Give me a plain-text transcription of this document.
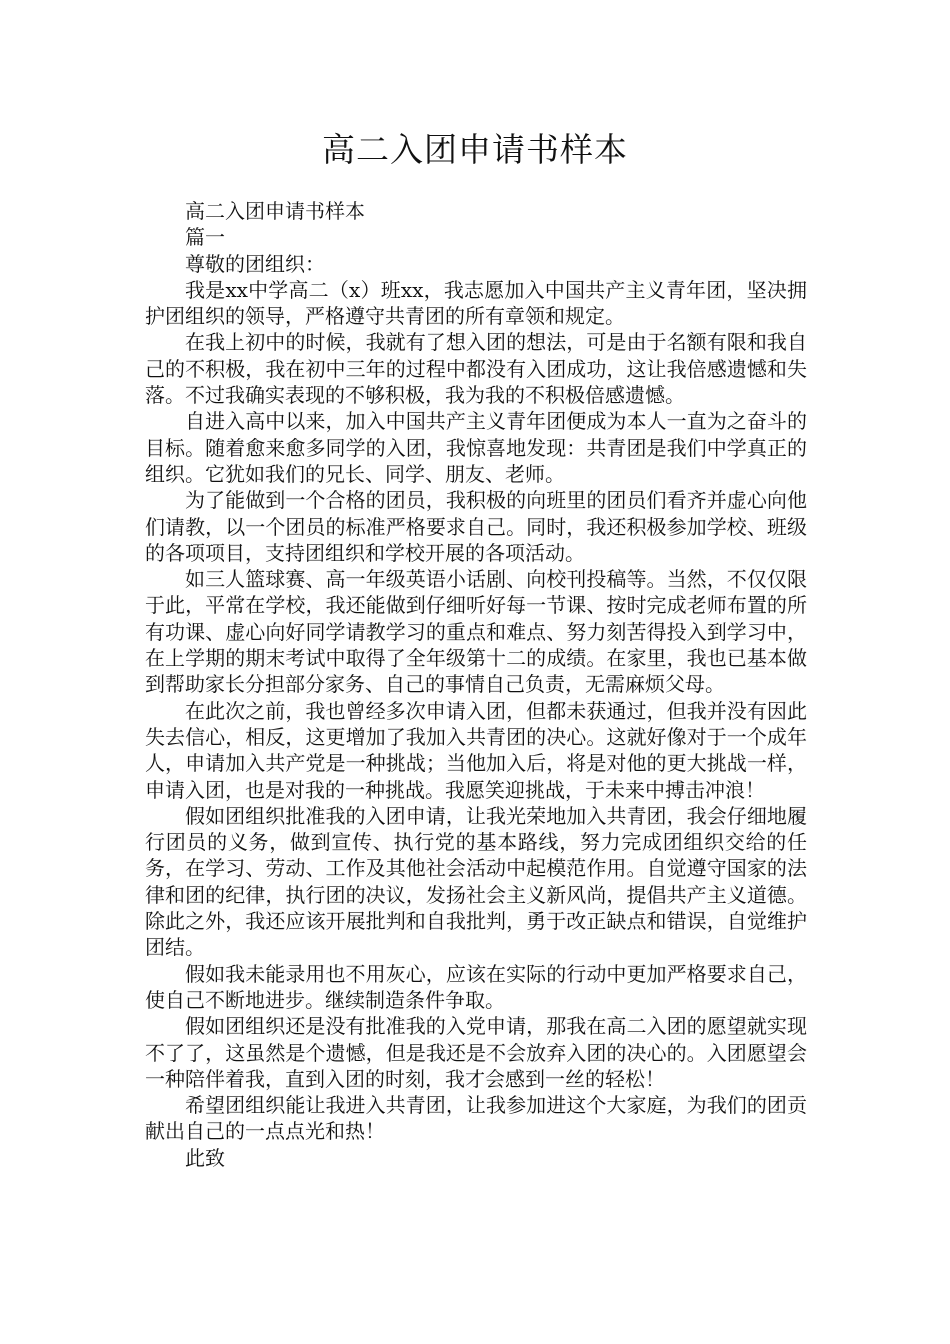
高二入团申请书样本

高二入团申请书样本

篇一

尊敬的团组织：

我是xx中学高二（x）班xx，我志愿加入中国共产主义青年团，坚决拥护团组织的领导，严格遵守共青团的所有章领和规定。

在我上初中的时候，我就有了想入团的想法，可是由于名额有限和我自己的不积极，我在初中三年的过程中都没有入团成功，这让我倍感遗憾和失落。不过我确实表现的不够积极，我为我的不积极倍感遗憾。

自进入高中以来，加入中国共产主义青年团便成为本人一直为之奋斗的目标。随着愈来愈多同学的入团，我惊喜地发现：共青团是我们中学真正的组织。它犹如我们的兄长、同学、朋友、老师。

为了能做到一个合格的团员，我积极的向班里的团员们看齐并虚心向他们请教，以一个团员的标准严格要求自己。同时，我还积极参加学校、班级的各项项目，支持团组织和学校开展的各项活动。

如三人篮球赛、高一年级英语小话剧、向校刊投稿等。当然，不仅仅限于此，平常在学校，我还能做到仔细听好每一节课、按时完成老师布置的所有功课、虚心向好同学请教学习的重点和难点、努力刻苦得投入到学习中，在上学期的期末考试中取得了全年级第十二的成绩。在家里，我也已基本做到帮助家长分担部分家务、自己的事情自己负责，无需麻烦父母。

在此次之前，我也曾经多次申请入团，但都未获通过，但我并没有因此失去信心，相反，这更增加了我加入共青团的决心。这就好像对于一个成年人，申请加入共产党是一种挑战；当他加入后，将是对他的更大挑战一样，申请入团，也是对我的一种挑战。我愿笑迎挑战，于未来中搏击冲浪！

假如团组织批准我的入团申请，让我光荣地加入共青团，我会仔细地履行团员的义务，做到宣传、执行党的基本路线，努力完成团组织交给的任务，在学习、劳动、工作及其他社会活动中起模范作用。自觉遵守国家的法律和团的纪律，执行团的决议，发扬社会主义新风尚，提倡共产主义道德。除此之外，我还应该开展批判和自我批判，勇于改正缺点和错误，自觉维护团结。

假如我未能录用也不用灰心，应该在实际的行动中更加严格要求自己，使自己不断地进步。继续制造条件争取。

假如团组织还是没有批准我的入党申请，那我在高二入团的愿望就实现不了了，这虽然是个遗憾，但是我还是不会放弃入团的决心的。入团愿望会一种陪伴着我，直到入团的时刻，我才会感到一丝的轻松！

希望团组织能让我进入共青团，让我参加进这个大家庭，为我们的团贡献出自己的一点点光和热！

此致
